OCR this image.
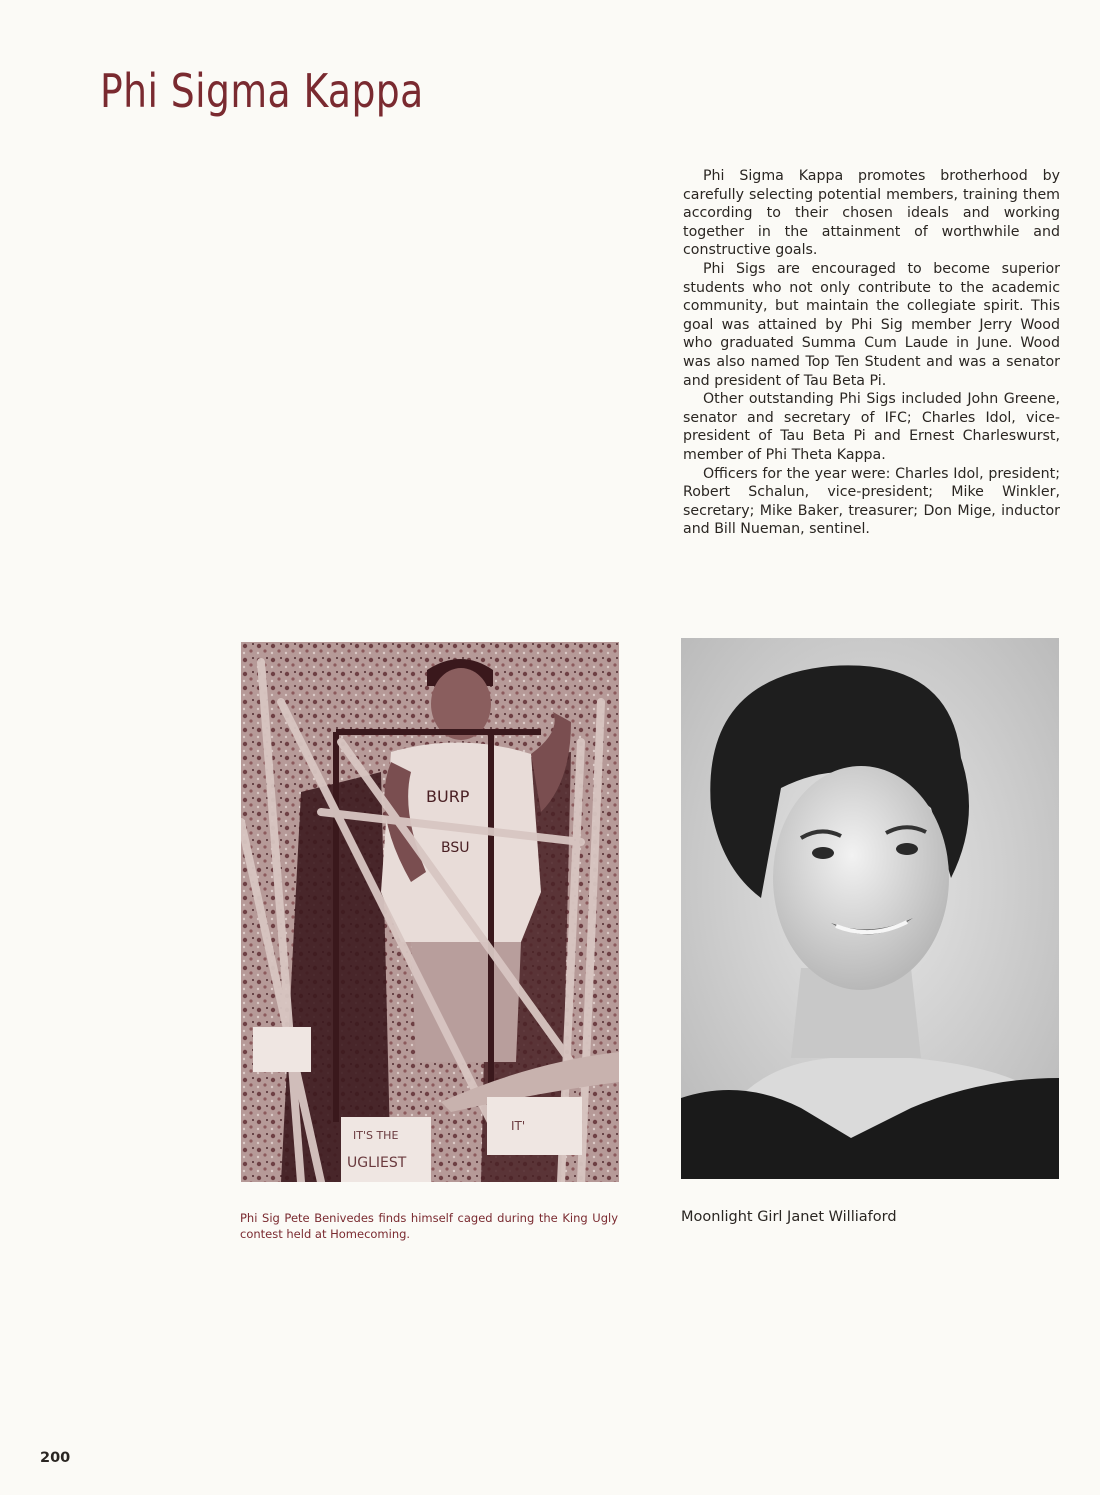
Phi Sigma Kappa

Phi Sigma Kappa promotes brotherhood by carefully selecting potential members, training them according to their chosen ideals and working together in the attainment of worthwhile and constructive goals.

Phi Sigs are encouraged to become superior students who not only contribute to the academic community, but maintain the collegiate spirit. This goal was attained by Phi Sig member Jerry Wood who graduated Summa Cum Laude in June. Wood was also named Top Ten Student and was a senator and president of Tau Beta Pi.

Other outstanding Phi Sigs included John Greene, senator and secretary of IFC; Charles Idol, vice-president of Tau Beta Pi and Ernest Charleswurst, member of Phi Theta Kappa.

Officers for the year were: Charles Idol, president; Robert Schalun, vice-president; Mike Winkler, secretary; Mike Baker, treasurer; Don Mige, inductor and Bill Nueman, sentinel.

BURP
BSU
IT'S THE
UGLIEST
IT'
Phi Sig Pete Benivedes finds himself caged during the King Ugly contest held at Homecoming.
Moonlight Girl Janet Williaford
200
